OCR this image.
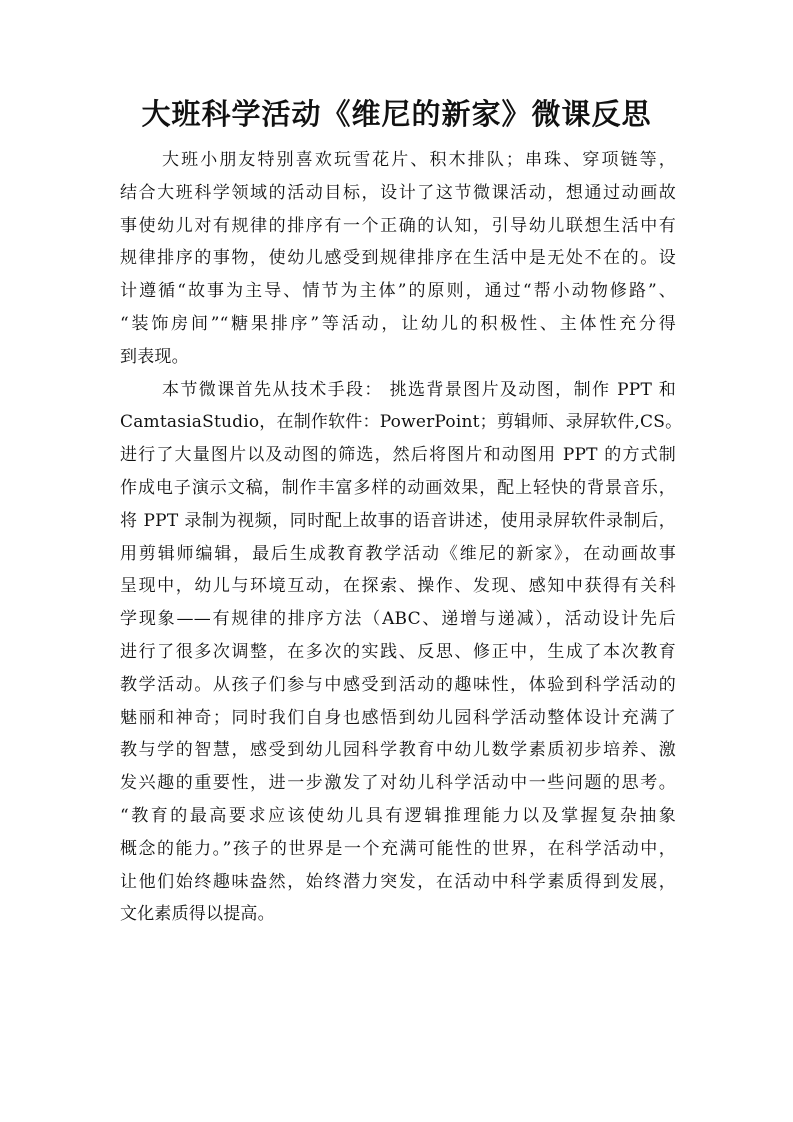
大班科学活动《维尼的新家》微课反思
大班小朋友特别喜欢玩雪花片、积木排队；串珠、穿项链等，
结合大班科学领域的活动目标，设计了这节微课活动，想通过动画故
事使幼儿对有规律的排序有一个正确的认知，引导幼儿联想生活中有
规律排序的事物，使幼儿感受到规律排序在生活中是无处不在的。设
计遵循“故事为主导、情节为主体”的原则，通过“帮小动物修路”、
“装饰房间”“糖果排序”等活动，让幼儿的积极性、主体性充分得
到表现。
本节微课首先从技术手段： 挑选背景图片及动图，制作 PPT 和
CamtasiaStudio，在制作软件：PowerPoint；剪辑师、录屏软件,CS。
进行了大量图片以及动图的筛选，然后将图片和动图用 PPT 的方式制
作成电子演示文稿，制作丰富多样的动画效果，配上轻快的背景音乐，
将 PPT 录制为视频，同时配上故事的语音讲述，使用录屏软件录制后，
用剪辑师编辑，最后生成教育教学活动《维尼的新家》，在动画故事
呈现中，幼儿与环境互动，在探索、操作、发现、感知中获得有关科
学现象——有规律的排序方法（ABC、递增与递减），活动设计先后
进行了很多次调整，在多次的实践、反思、修正中，生成了本次教育
教学活动。从孩子们参与中感受到活动的趣味性，体验到科学活动的
魅丽和神奇；同时我们自身也感悟到幼儿园科学活动整体设计充满了
教与学的智慧，感受到幼儿园科学教育中幼儿数学素质初步培养、激
发兴趣的重要性，进一步激发了对幼儿科学活动中一些问题的思考。
“教育的最高要求应该使幼儿具有逻辑推理能力以及掌握复杂抽象
概念的能力。”孩子的世界是一个充满可能性的世界，在科学活动中，
让他们始终趣味盎然，始终潜力突发，在活动中科学素质得到发展，
文化素质得以提高。
